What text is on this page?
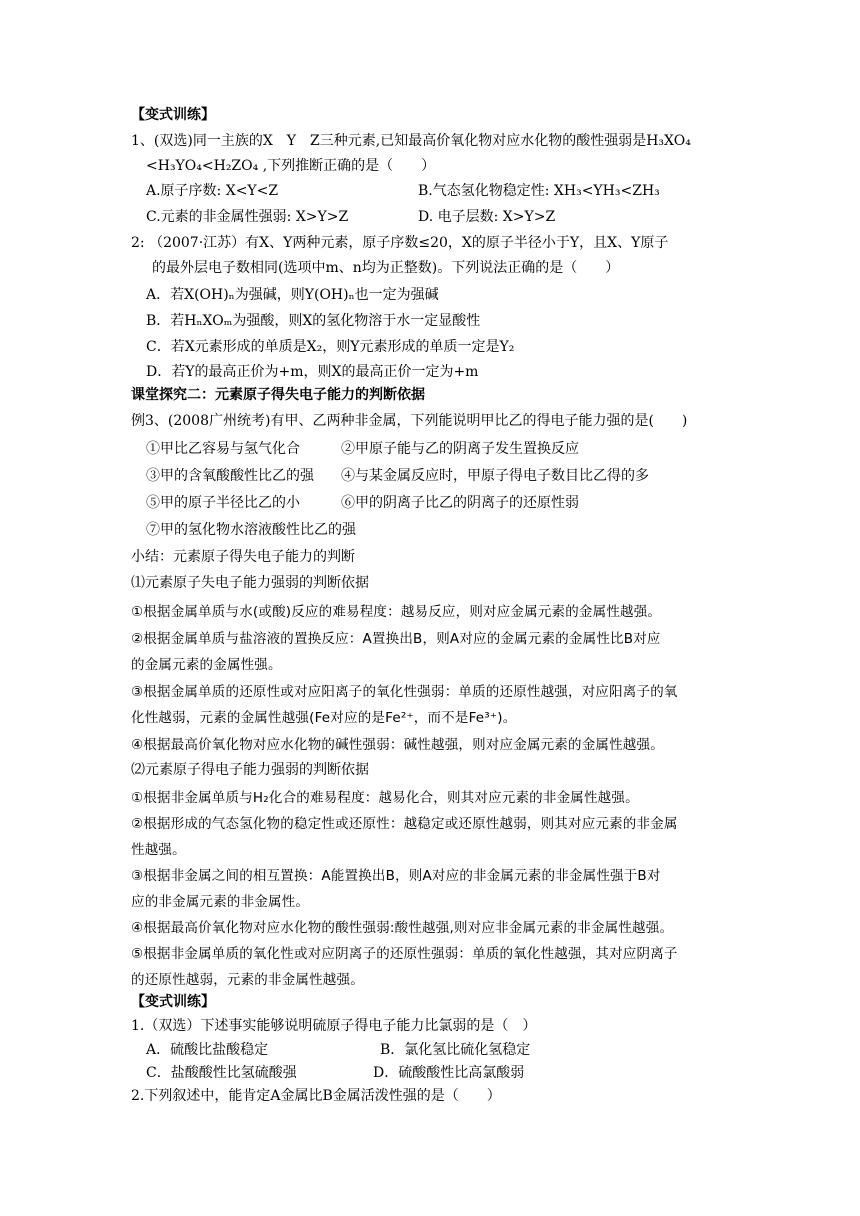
【变式训练】
1、(双选)同一主族的X　Y　Z三种元素,已知最高价氧化物对应水化物的酸性强弱是H₃XO₄
<H₃YO₄<H₂ZO₄ ,下列推断正确的是（　　）
A.原子序数: X<Y<Z	B.气态氢化物稳定性: XH₃<YH₃<ZH₃
C.元素的非金属性强弱: X>Y>Z	D. 电子层数: X>Y>Z
2: （2007·江苏）有X、Y两种元素，原子序数≤20，X的原子半径小于Y，且X、Y原子
的最外层电子数相同(选项中m、n均为正整数)。下列说法正确的是（　　）
A．若X(OH)ₙ为强碱，则Y(OH)ₙ也一定为强碱
B．若HₙXOₘ为强酸，则X的氢化物溶于水一定显酸性
C．若X元素形成的单质是X₂，则Y元素形成的单质一定是Y₂
D．若Y的最高正价为+m，则X的最高正价一定为+m
课堂探究二：元素原子得失电子能力的判断依据
例3、(2008广州统考)有甲、乙两种非金属，下列能说明甲比乙的得电子能力强的是(　　)
①甲比乙容易与氢气化合	②甲原子能与乙的阴离子发生置换反应
③甲的含氧酸酸性比乙的强 ④与某金属反应时，甲原子得电子数目比乙得的多
⑤甲的原子半径比乙的小	⑥甲的阴离子比乙的阴离子的还原性弱
⑦甲的氢化物水溶液酸性比乙的强
小结：元素原子得失电子能力的判断
⑴元素原子失电子能力强弱的判断依据
①根据金属单质与水(或酸)反应的难易程度：越易反应，则对应金属元素的金属性越强。
②根据金属单质与盐溶液的置换反应：A置换出B，则A对应的金属元素的金属性比B对应
的金属元素的金属性强。
③根据金属单质的还原性或对应阳离子的氧化性强弱：单质的还原性越强，对应阳离子的氧
化性越弱，元素的金属性越强(Fe对应的是Fe²⁺，而不是Fe³⁺)。
④根据最高价氧化物对应水化物的碱性强弱：碱性越强，则对应金属元素的金属性越强。
⑵元素原子得电子能力强弱的判断依据
①根据非金属单质与H₂化合的难易程度：越易化合，则其对应元素的非金属性越强。
②根据形成的气态氢化物的稳定性或还原性：越稳定或还原性越弱，则其对应元素的非金属
性越强。
③根据非金属之间的相互置换：A能置换出B，则A对应的非金属元素的非金属性强于B对
应的非金属元素的非金属性。
④根据最高价氧化物对应水化物的酸性强弱:酸性越强,则对应非金属元素的非金属性越强。
⑤根据非金属单质的氧化性或对应阴离子的还原性强弱：单质的氧化性越强，其对应阴离子
的还原性越弱，元素的非金属性越强。
【变式训练】
1.（双选）下述事实能够说明硫原子得电子能力比氯弱的是（　）
A．硫酸比盐酸稳定	B．氯化氢比硫化氢稳定
C．盐酸酸性比氢硫酸强	D．硫酸酸性比高氯酸弱
2.下列叙述中，能肯定A金属比B金属活泼性强的是（　　）
